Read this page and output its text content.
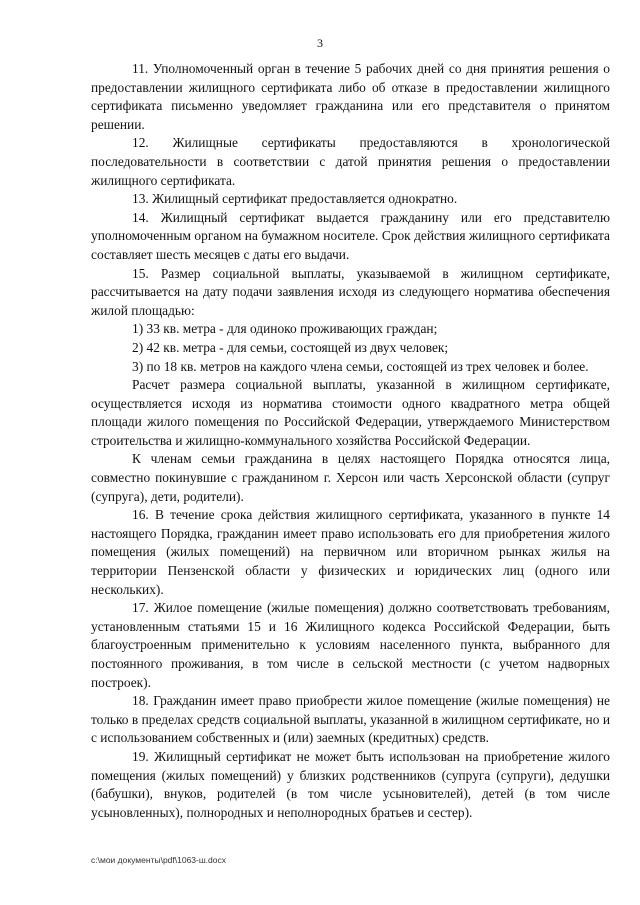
3

11. Уполномоченный орган в течение 5 рабочих дней со дня принятия решения о предоставлении жилищного сертификата либо об отказе в предоставлении жилищного сертификата письменно уведомляет гражданина или его представителя о принятом решении.

12. Жилищные сертификаты предоставляются в хронологической последовательности в соответствии с датой принятия решения о предоставлении жилищного сертификата.

13. Жилищный сертификат предоставляется однократно.

14. Жилищный сертификат выдается гражданину или его представителю уполномоченным органом на бумажном носителе. Срок действия жилищного сертификата составляет шесть месяцев с даты его выдачи.

15. Размер социальной выплаты, указываемой в жилищном сертификате, рассчитывается на дату подачи заявления исходя из следующего норматива обеспечения жилой площадью:

1) 33 кв. метра - для одиноко проживающих граждан;

2) 42 кв. метра - для семьи, состоящей из двух человек;

3) по 18 кв. метров на каждого члена семьи, состоящей из трех человек и более.

Расчет размера социальной выплаты, указанной в жилищном сертификате, осуществляется исходя из норматива стоимости одного квадратного метра общей площади жилого помещения по Российской Федерации, утверждаемого Министерством строительства и жилищно-коммунального хозяйства Российской Федерации.

К членам семьи гражданина в целях настоящего Порядка относятся лица, совместно покинувшие с гражданином г. Херсон или часть Херсонской области (супруг (супруга), дети, родители).

16. В течение срока действия жилищного сертификата, указанного в пункте 14 настоящего Порядка, гражданин имеет право использовать его для приобретения жилого помещения (жилых помещений) на первичном или вторичном рынках жилья на территории Пензенской области у физических и юридических лиц (одного или нескольких).

17. Жилое помещение (жилые помещения) должно соответствовать требованиям, установленным статьями 15 и 16 Жилищного кодекса Российской Федерации, быть благоустроенным применительно к условиям населенного пункта, выбранного для постоянного проживания, в том числе в сельской местности (с учетом надворных построек).

18. Гражданин имеет право приобрести жилое помещение (жилые помещения) не только в пределах средств социальной выплаты, указанной в жилищном сертификате, но и с использованием собственных и (или) заемных (кредитных) средств.

19. Жилищный сертификат не может быть использован на приобретение жилого помещения (жилых помещений) у близких родственников (супруга (супруги), дедушки (бабушки), внуков, родителей (в том числе усыновителей), детей (в том числе усыновленных), полнородных и неполнородных братьев и сестер).

c:\мои документы\pdf\1063-ш.docx
